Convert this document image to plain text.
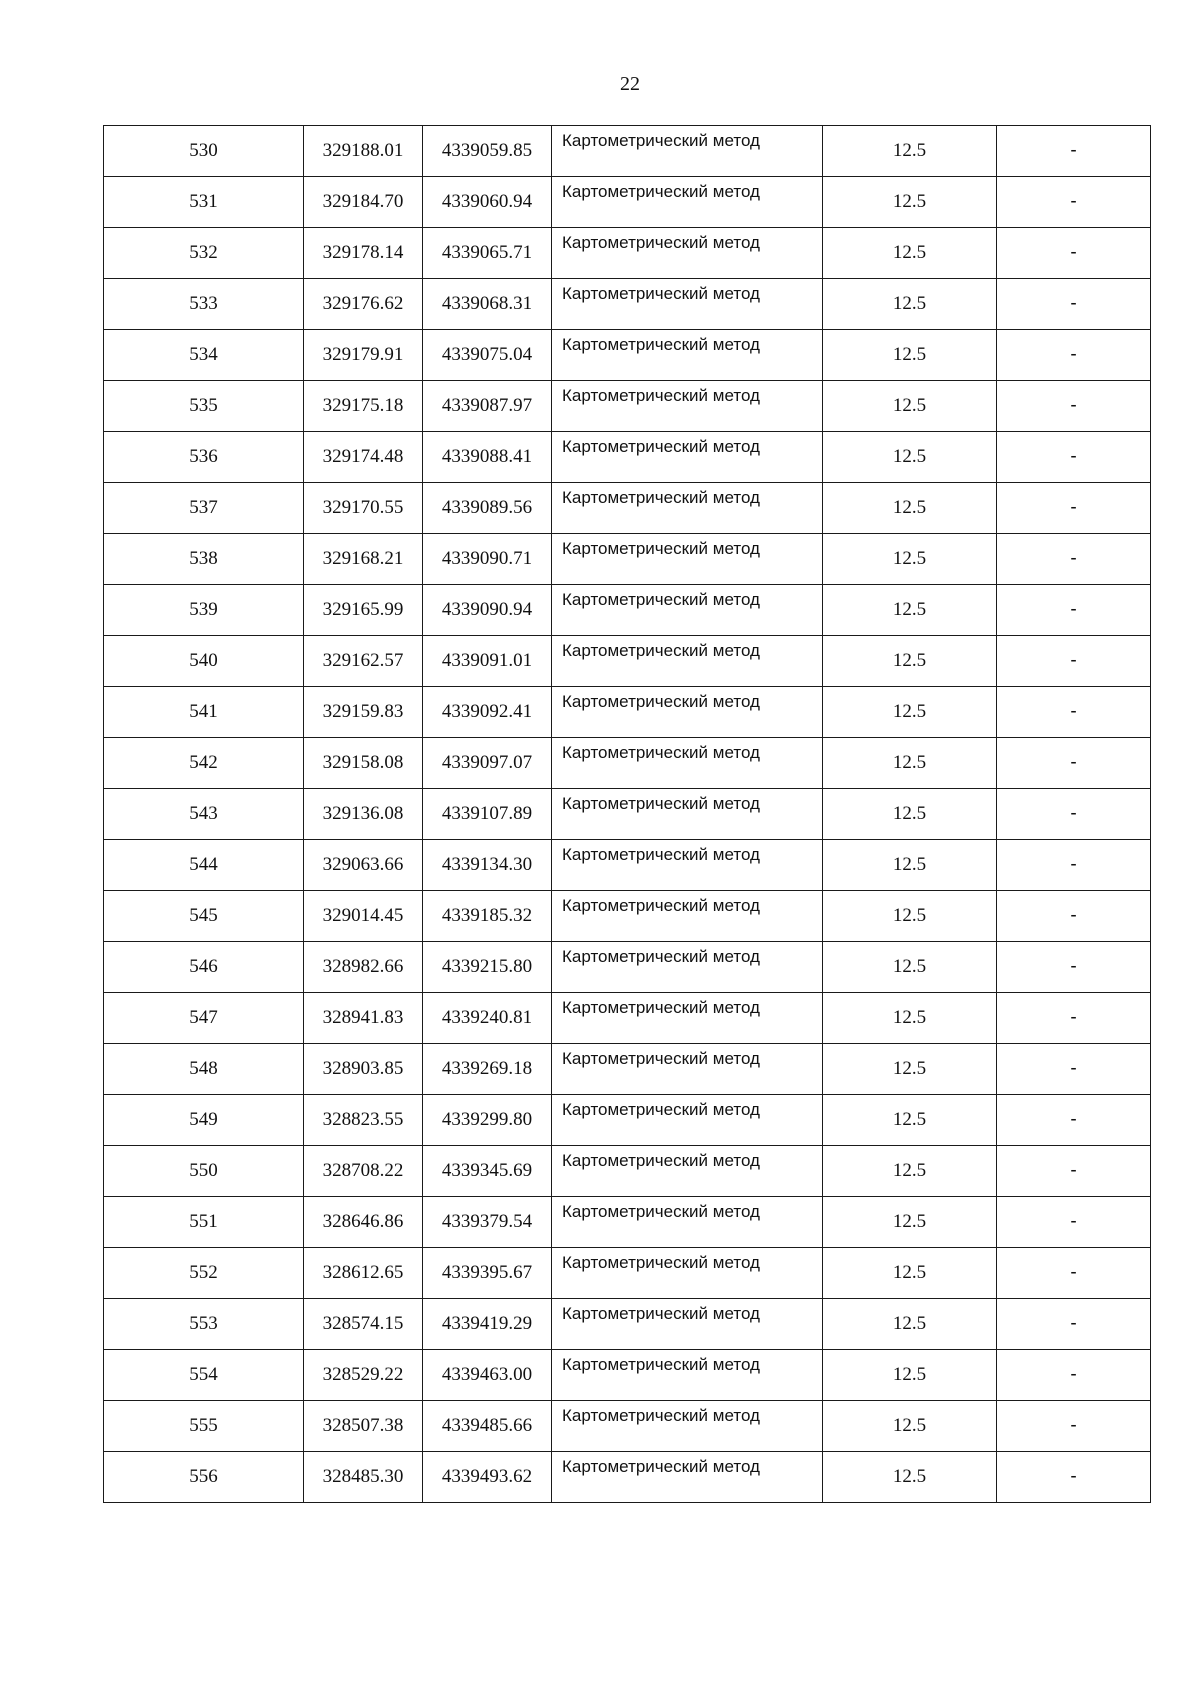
22
530	329188.01	4339059.85	Картометрический метод	12.5	-
531	329184.70	4339060.94	Картометрический метод	12.5	-
532	329178.14	4339065.71	Картометрический метод	12.5	-
533	329176.62	4339068.31	Картометрический метод	12.5	-
534	329179.91	4339075.04	Картометрический метод	12.5	-
535	329175.18	4339087.97	Картометрический метод	12.5	-
536	329174.48	4339088.41	Картометрический метод	12.5	-
537	329170.55	4339089.56	Картометрический метод	12.5	-
538	329168.21	4339090.71	Картометрический метод	12.5	-
539	329165.99	4339090.94	Картометрический метод	12.5	-
540	329162.57	4339091.01	Картометрический метод	12.5	-
541	329159.83	4339092.41	Картометрический метод	12.5	-
542	329158.08	4339097.07	Картометрический метод	12.5	-
543	329136.08	4339107.89	Картометрический метод	12.5	-
544	329063.66	4339134.30	Картометрический метод	12.5	-
545	329014.45	4339185.32	Картометрический метод	12.5	-
546	328982.66	4339215.80	Картометрический метод	12.5	-
547	328941.83	4339240.81	Картометрический метод	12.5	-
548	328903.85	4339269.18	Картометрический метод	12.5	-
549	328823.55	4339299.80	Картометрический метод	12.5	-
550	328708.22	4339345.69	Картометрический метод	12.5	-
551	328646.86	4339379.54	Картометрический метод	12.5	-
552	328612.65	4339395.67	Картометрический метод	12.5	-
553	328574.15	4339419.29	Картометрический метод	12.5	-
554	328529.22	4339463.00	Картометрический метод	12.5	-
555	328507.38	4339485.66	Картометрический метод	12.5	-
556	328485.30	4339493.62	Картометрический метод	12.5	-
